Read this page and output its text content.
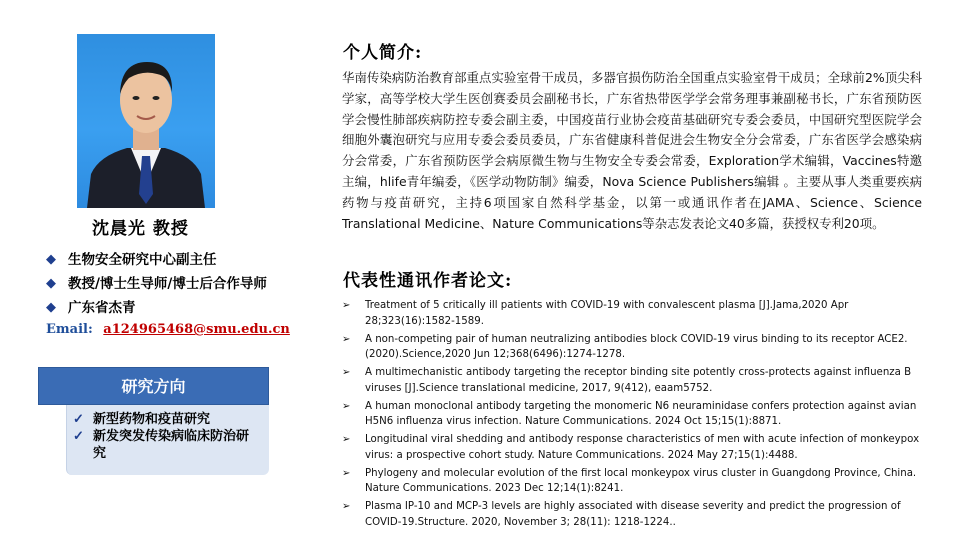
沈晨光 教授
◆ 生物安全研究中心副主任
◆ 教授/博士生导师/博士后合作导师
◆ 广东省杰青
Email: a124965468@smu.edu.cn
研究方向
✓ 新型药物和疫苗研究
✓ 新发突发传染病临床防治研究
个人简介:
华南传染病防治教育部重点实验室骨干成员，多器官损伤防治全国重点实验室骨干成员；全球前2%顶尖科学家，高等学校大学生医创赛委员会副秘书长，广东省热带医学学会常务理事兼副秘书长，广东省预防医学会慢性肺部疾病防控专委会副主委，中国疫苗行业协会疫苗基础研究专委会委员，中国研究型医院学会细胞外囊泡研究与应用专委会委员委员，广东省健康科普促进会生物安全分会常委，广东省医学会感染病分会常委，广东省预防医学会病原微生物与生物安全专委会常委，Exploration学术编辑，Vaccines特邀主编，hlife青年编委，《医学动物防制》编委，Nova Science Publishers编辑 。主要从事人类重要疾病药物与疫苗研究，主持6项国家自然科学基金，以第一或通讯作者在JAMA、Science、Science Translational Medicine、Nature Communications等杂志发表论文40多篇，获授权专利20项。
代表性通讯作者论文:
➢	Treatment of 5 critically ill patients with COVID-19 with convalescent plasma [J].Jama,2020 Apr 28;323(16):1582-1589.
➢	A non-competing pair of human neutralizing antibodies block COVID-19 virus binding to its receptor ACE2. (2020).Science,2020 Jun 12;368(6496):1274-1278.
➢	A multimechanistic antibody targeting the receptor binding site potently cross-protects against influenza B viruses [J].Science translational medicine, 2017, 9(412), eaam5752.
➢	A human monoclonal antibody targeting the monomeric N6 neuraminidase confers protection against avian H5N6 influenza virus infection. Nature Communications. 2024 Oct 15;15(1):8871.
➢	Longitudinal viral shedding and antibody response characteristics of men with acute infection of monkeypox virus: a prospective cohort study. Nature Communications. 2024 May 27;15(1):4488.
➢	Phylogeny and molecular evolution of the first local monkeypox virus cluster in Guangdong Province, China. Nature Communications. 2023 Dec 12;14(1):8241.
➢	Plasma IP-10 and MCP-3 levels are highly associated with disease severity and predict the progression of COVID-19.Structure. 2020, November 3; 28(11): 1218-1224..
